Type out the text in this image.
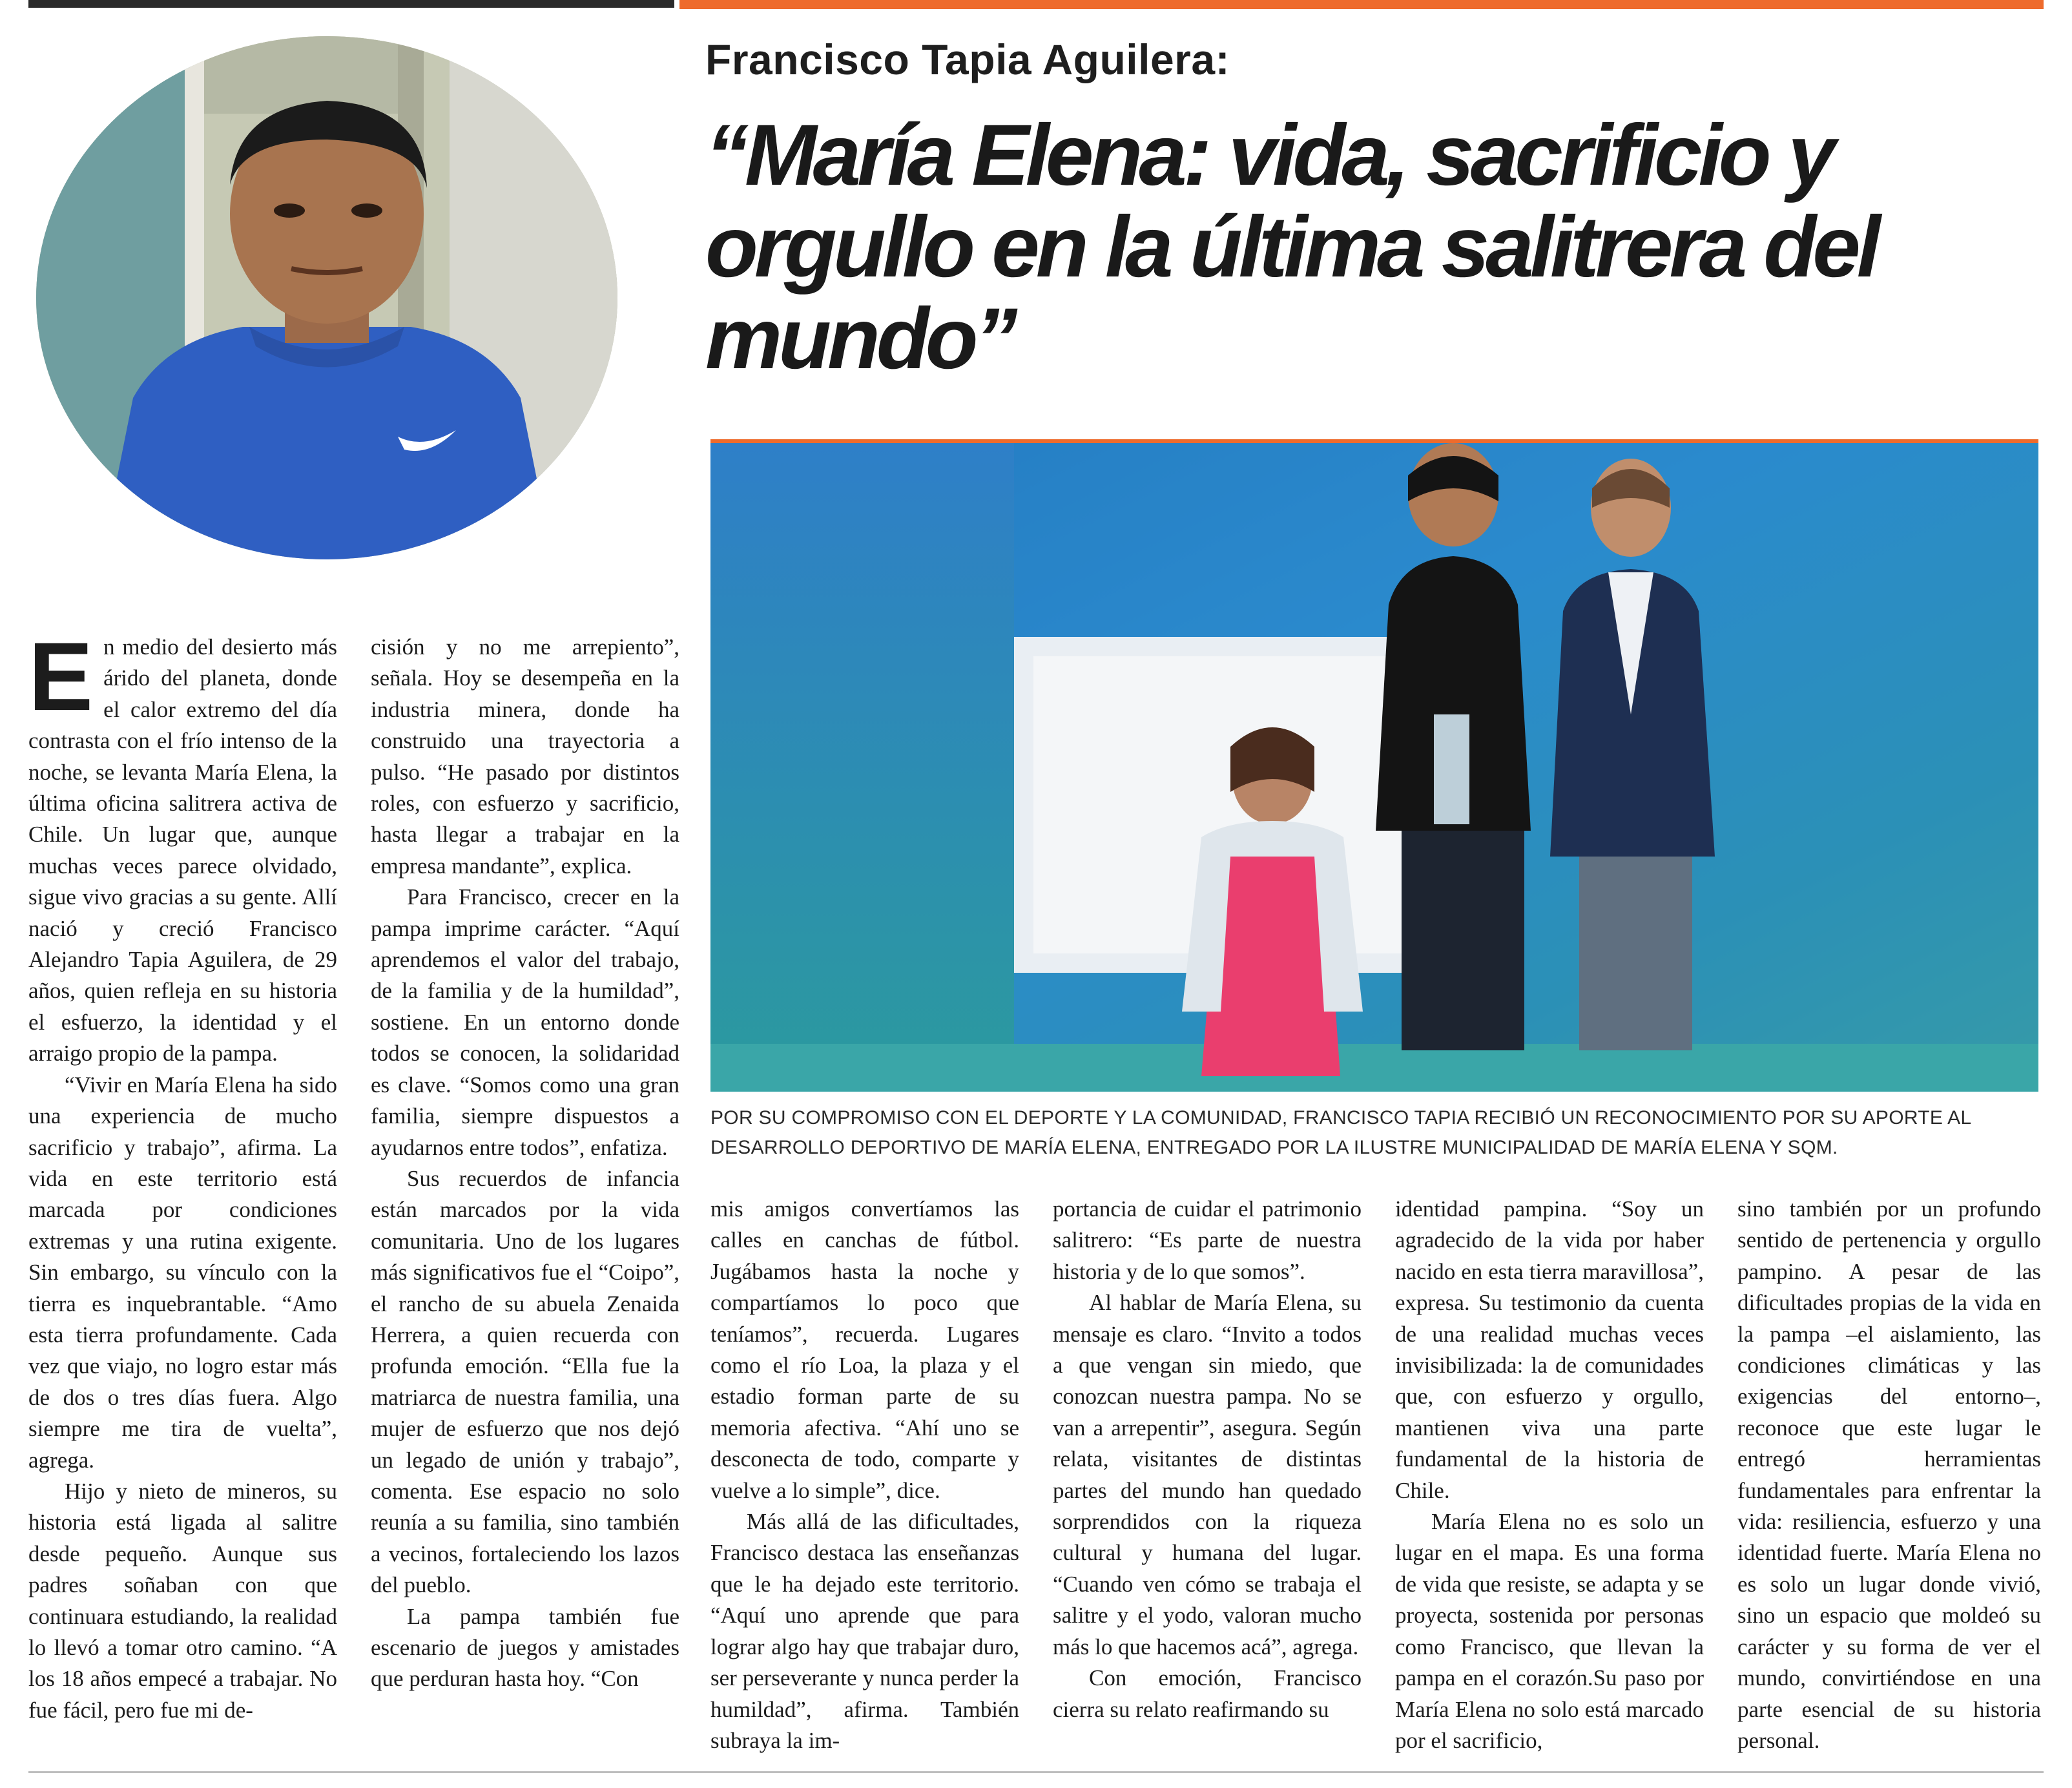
Francisco Tapia Aguilera:
“María Elena: vida, sacrificio y orgullo en la última salitrera del mundo”
POR SU COMPROMISO CON EL DEPORTE Y LA COMUNIDAD, FRANCISCO TAPIA RECIBIÓ UN RECONOCIMIENTO POR SU APORTE AL DESARROLLO DEPORTIVO DE MARÍA ELENA, ENTREGADO POR LA ILUSTRE MUNICIPALIDAD DE MARÍA ELENA Y SQM.

En medio del desierto más árido del planeta, donde el calor extremo del día contrasta con el frío intenso de la noche, se levanta María Elena, la última oficina salitrera activa de Chile. Un lugar que, aunque muchas veces parece olvidado, sigue vivo gracias a su gente. Allí nació y creció Francisco Alejandro Tapia Aguilera, de 29 años, quien refleja en su historia el esfuerzo, la identidad y el arraigo propio de la pampa.

“Vivir en María Elena ha sido una experiencia de mucho sacrificio y trabajo”, afirma. La vida en este territorio está marcada por condiciones extremas y una rutina exigente. Sin embargo, su vínculo con la tierra es inquebrantable. “Amo esta tierra profundamente. Cada vez que viajo, no logro estar más de dos o tres días fuera. Algo siempre me tira de vuelta”, agrega.

Hijo y nieto de mineros, su historia está ligada al salitre desde pequeño. Aunque sus padres soñaban con que continuara estudiando, la realidad lo llevó a tomar otro camino. “A los 18 años empecé a trabajar. No fue fácil, pero fue mi de-

cisión y no me arrepiento”, señala. Hoy se desempeña en la industria minera, donde ha construido una trayectoria a pulso. “He pasado por distintos roles, con esfuerzo y sacrificio, hasta llegar a trabajar en la empresa mandante”, explica.

Para Francisco, crecer en la pampa imprime carácter. “Aquí aprendemos el valor del trabajo, de la familia y de la humildad”, sostiene. En un entorno donde todos se conocen, la solidaridad es clave. “Somos como una gran familia, siempre dispuestos a ayudarnos entre todos”, enfatiza.

Sus recuerdos de infancia están marcados por la vida comunitaria. Uno de los lugares más significativos fue el “Coipo”, el rancho de su abuela Zenaida Herrera, a quien recuerda con profunda emoción. “Ella fue la matriarca de nuestra familia, una mujer de esfuerzo que nos dejó un legado de unión y trabajo”, comenta. Ese espacio no solo reunía a su familia, sino también a vecinos, fortaleciendo los lazos del pueblo.

La pampa también fue escenario de juegos y amistades que perduran hasta hoy. “Con

mis amigos convertíamos las calles en canchas de fútbol. Jugábamos hasta la noche y compartíamos lo poco que teníamos”, recuerda. Lugares como el río Loa, la plaza y el estadio forman parte de su memoria afectiva. “Ahí uno se desconecta de todo, comparte y vuelve a lo simple”, dice.

Más allá de las dificultades, Francisco destaca las enseñanzas que le ha dejado este territorio. “Aquí uno aprende que para lograr algo hay que trabajar duro, ser perseverante y nunca perder la humildad”, afirma. También subraya la im-

portancia de cuidar el patrimonio salitrero: “Es parte de nuestra historia y de lo que somos”.

Al hablar de María Elena, su mensaje es claro. “Invito a todos a que vengan sin miedo, que conozcan nuestra pampa. No se van a arrepentir”, asegura. Según relata, visitantes de distintas partes del mundo han quedado sorprendidos con la riqueza cultural y humana del lugar. “Cuando ven cómo se trabaja el salitre y el yodo, valoran mucho más lo que hacemos acá”, agrega.

Con emoción, Francisco cierra su relato reafirmando su

identidad pampina. “Soy un agradecido de la vida por haber nacido en esta tierra maravillosa”, expresa. Su testimonio da cuenta de una realidad muchas veces invisibilizada: la de comunidades que, con esfuerzo y orgullo, mantienen viva una parte fundamental de la historia de Chile.

María Elena no es solo un lugar en el mapa. Es una forma de vida que resiste, se adapta y se proyecta, sostenida por personas como Francisco, que llevan la pampa en el corazón.Su paso por María Elena no solo está marcado por el sacrificio,

sino también por un profundo sentido de pertenencia y orgullo pampino. A pesar de las dificultades propias de la vida en la pampa –el aislamiento, las condiciones climáticas y las exigencias del entorno–, reconoce que este lugar le entregó herramientas fundamentales para enfrentar la vida: resiliencia, esfuerzo y una identidad fuerte. María Elena no es solo un lugar donde vivió, sino un espacio que moldeó su carácter y su forma de ver el mundo, convirtiéndose en una parte esencial de su historia personal.
